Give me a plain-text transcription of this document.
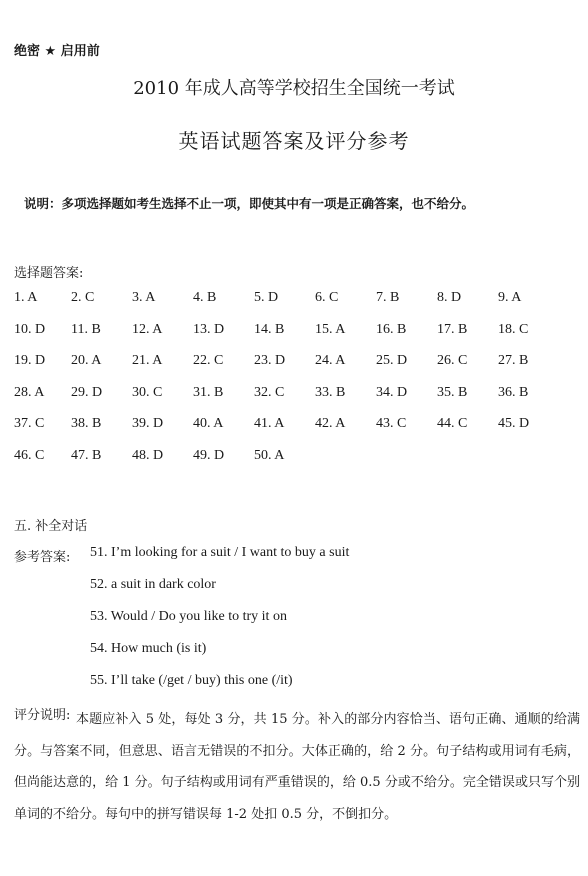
绝密 ★ 启用前
2010 年成人高等学校招生全国统一考试
英语试题答案及评分参考
说明：多项选择题如考生选择不止一项，即使其中有一项是正确答案，也不给分。
选择题答案:
1. A	2. C	3. A	4. B	5. D	6. C	7. B	8. D	9. A
10. D	11. B	12. A	13. D	14. B	15. A	16. B	17. B	18. C
19. D	20. A	21. A	22. C	23. D	24. A	25. D	26. C	27. B
28. A	29. D	30. C	31. B	32. C	33. B	34. D	35. B	36. B
37. C	38. B	39. D	40. A	41. A	42. A	43. C	44. C	45. D
46. C	47. B	48. D	49. D	50. A
五. 补全对话
参考答案: 51. I’m looking for a suit / I want to buy a suit
52. a suit in dark color
53. Would / Do you like to try it on
54. How much (is it)
55. I’ll take (/get / buy) this one (/it)
评分说明: 本题应补入 5 处，每处 3 分，共 15 分。补入的部分内容恰当、语句正确、通顺的给满分。与答案不同，但意思、语言无错误的不扣分。大体正确的，给 2 分。句子结构或用词有毛病，但尚能达意的，给 1 分。句子结构或用词有严重错误的，给 0.5 分或不给分。完全错误或只写个别单词的不给分。每句中的拼写错误每 1-2 处扣 0.5 分，不倒扣分。
